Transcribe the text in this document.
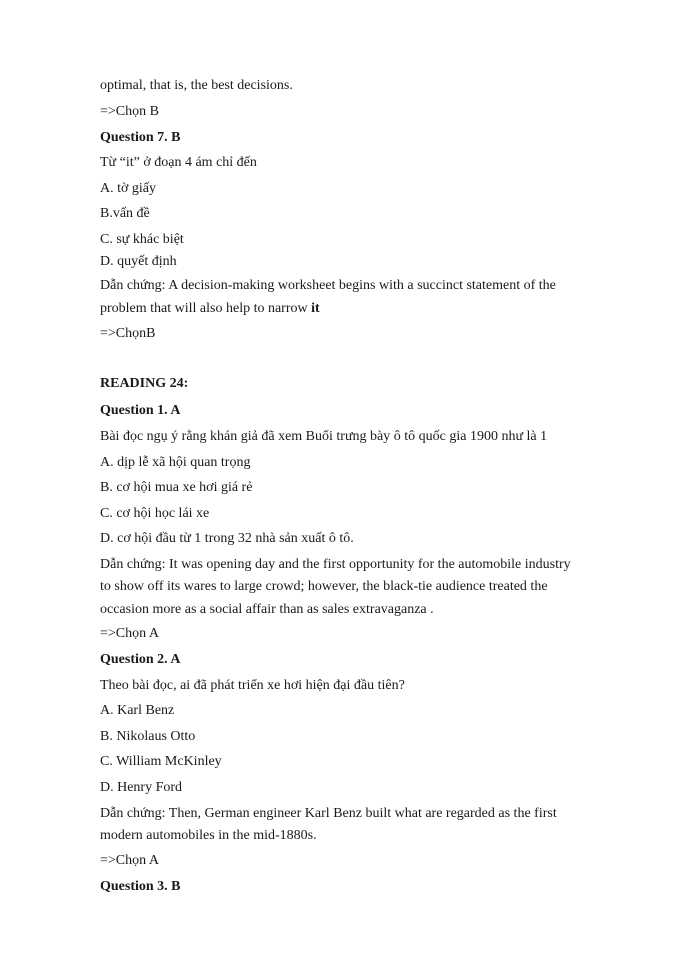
optimal, that is, the best decisions.
=>Chọn B
Question 7. B
Từ “it” ở đoạn 4 ám chỉ đến
A. tờ giấy
B.vấn đề
C. sự khác biệt
D. quyết định
Dẫn chứng: A decision-making worksheet begins with a succinct statement of the
problem that will also help to narrow it
=>ChọnB
READING 24:
Question 1. A
Bài đọc ngụ ý rằng khán giả đã xem Buổi trưng bày ô tô quốc gia 1900 như là 1
A. dịp lễ xã hội quan trọng
B. cơ hội mua xe hơi giá rẻ
C. cơ hội học lái xe
D. cơ hội đầu từ 1 trong 32 nhà sản xuất ô tô.
Dẫn chứng: It was opening day and the first opportunity for the automobile industry
to show off its wares to large crowd; however, the black-tie audience treated the
occasion more as a social affair than as sales extravaganza .
=>Chọn A
Question 2. A
Theo bài đọc, ai đã phát triển xe hơi hiện đại đầu tiên?
A. Karl Benz
B. Nikolaus Otto
C. William McKinley
D. Henry Ford
Dẫn chứng: Then, German engineer Karl Benz built what are regarded as the first
modern automobiles in the mid-1880s.
=>Chọn A
Question 3. B
